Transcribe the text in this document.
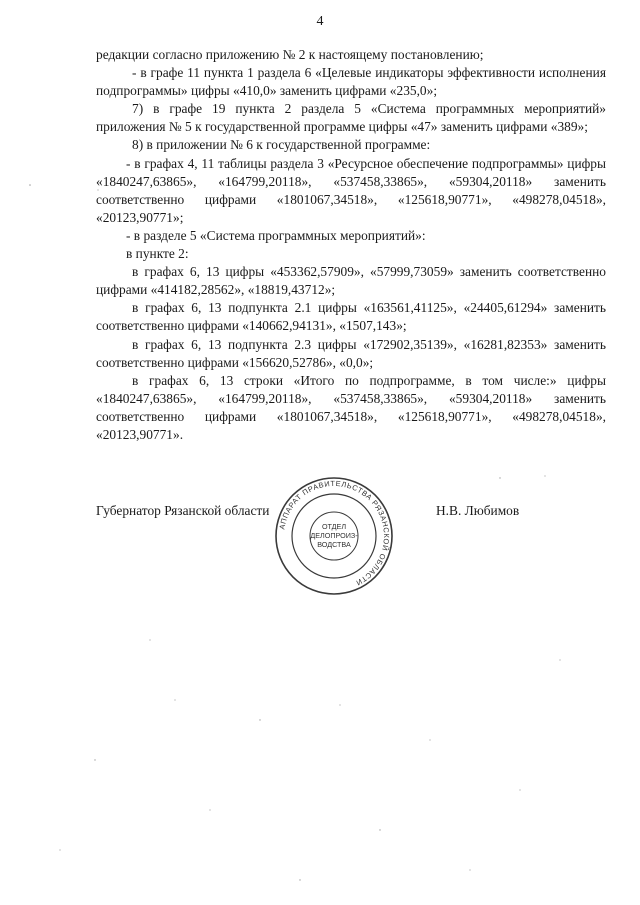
4

редакции согласно приложению № 2 к настоящему постановлению;

- в графе 11 пункта 1 раздела 6 «Целевые индикаторы эффективности исполнения подпрограммы» цифры «410,0» заменить цифрами «235,0»;

7) в графе 19 пункта 2 раздела 5 «Система программных мероприятий» приложения № 5 к государственной программе цифры «47» заменить цифрами «389»;

8) в приложении № 6 к государственной программе:

- в графах 4, 11 таблицы раздела 3 «Ресурсное обеспечение подпрограммы» цифры «1840247,63865», «164799,20118», «537458,33865», «59304,20118» заменить соответственно цифрами «1801067,34518», «125618,90771», «498278,04518», «20123,90771»;

- в разделе 5 «Система программных мероприятий»:

в пункте 2:

в графах 6, 13 цифры «453362,57909», «57999,73059» заменить соответственно цифрами «414182,28562», «18819,43712»;

в графах 6, 13 подпункта 2.1 цифры «163561,41125», «24405,61294» заменить соответственно цифрами «140662,94131», «1507,143»;

в графах 6, 13 подпункта 2.3 цифры «172902,35139», «16281,82353» заменить соответственно цифрами «156620,52786», «0,0»;

в графах 6, 13 строки «Итого по подпрограмме, в том числе:» цифры «1840247,63865», «164799,20118», «537458,33865», «59304,20118» заменить соответственно цифрами «1801067,34518», «125618,90771», «498278,04518», «20123,90771».

Губернатор Рязанской области	Н.В. Любимов
АППАРАТ ПРАВИТЕЛЬСТВА РЯЗАНСКОЙ ОБЛАСТИ
ОТДЕЛ
ДЕЛОПРОИЗ-
ВОДСТВА
